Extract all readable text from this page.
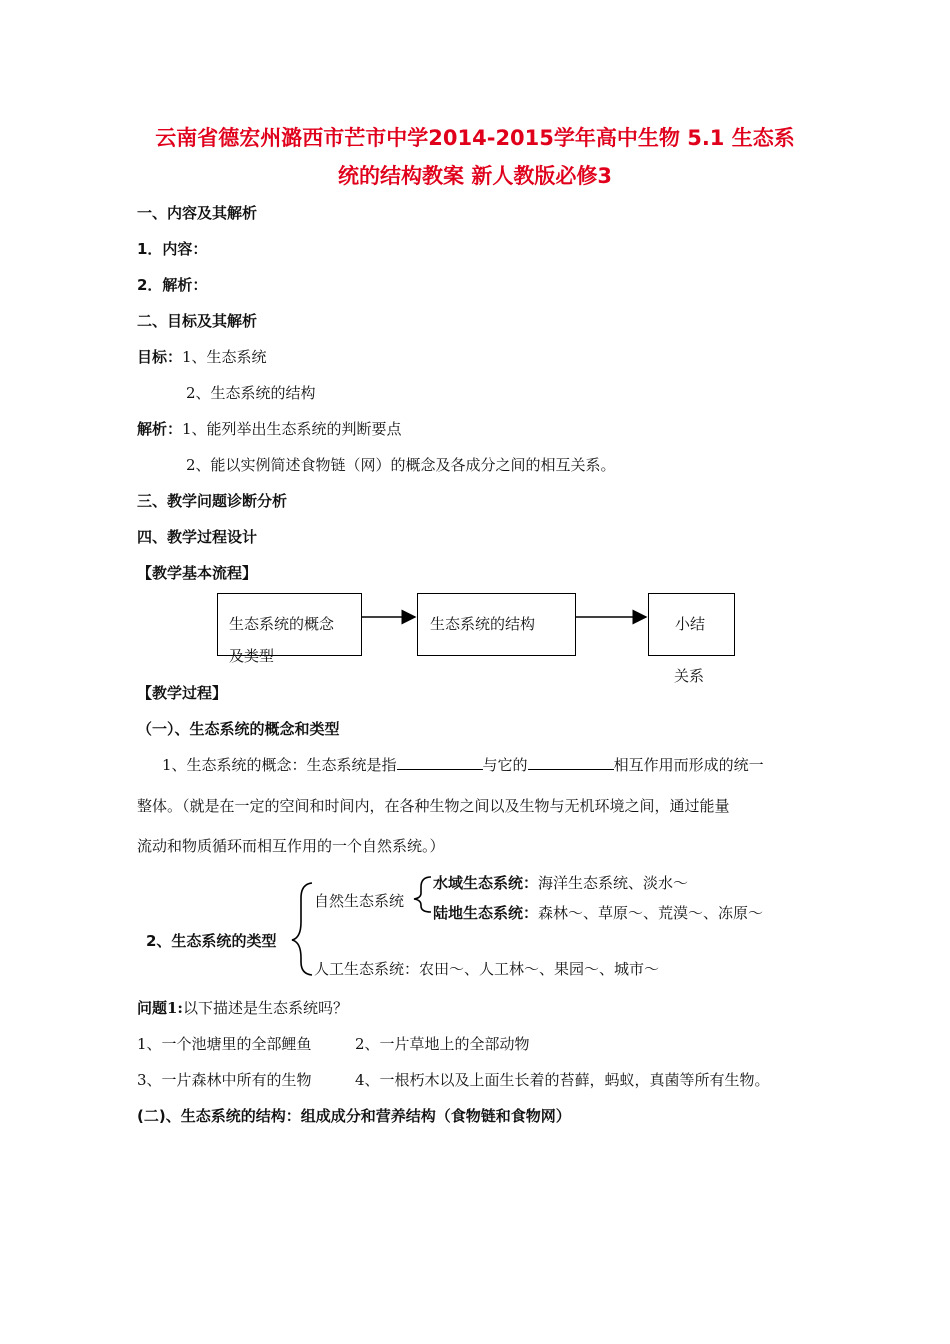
云南省德宏州潞西市芒市中学2014-2015学年高中生物 5.1 生态系
统的结构教案 新人教版必修3
一、内容及其解析
1．内容：
2．解析：
二、目标及其解析
目标：1、生态系统
2、生态系统的结构
解析：1、能列举出生态系统的判断要点
2、能以实例简述食物链（网）的概念及各成分之间的相互关系。
三、教学问题诊断分析
四、教学过程设计
【教学基本流程】
生态系统的概念
及类型
生态系统的结构	小结
关系
【教学过程】
（一）、生态系统的概念和类型
1、生态系统的概念：生态系统是指	与它的	相互作用而形成的统一
整体。（就是在一定的空间和时间内，在各种生物之间以及生物与无机环境之间，通过能量
流动和物质循环而相互作用的一个自然系统。）
2、生态系统的类型
自然生态系统
水域生态系统：海洋生态系统、淡水～
陆地生态系统：森林～、草原～、荒漠～、冻原～
人工生态系统：农田～、人工林～、果园～、城市～
问题1:以下描述是生态系统吗？
1、一个池塘里的全部鲤鱼	2、一片草地上的全部动物
3、一片森林中所有的生物	4、一根朽木以及上面生长着的苔藓，蚂蚁，真菌等所有生物。
(二)、生态系统的结构：组成成分和营养结构（食物链和食物网）
